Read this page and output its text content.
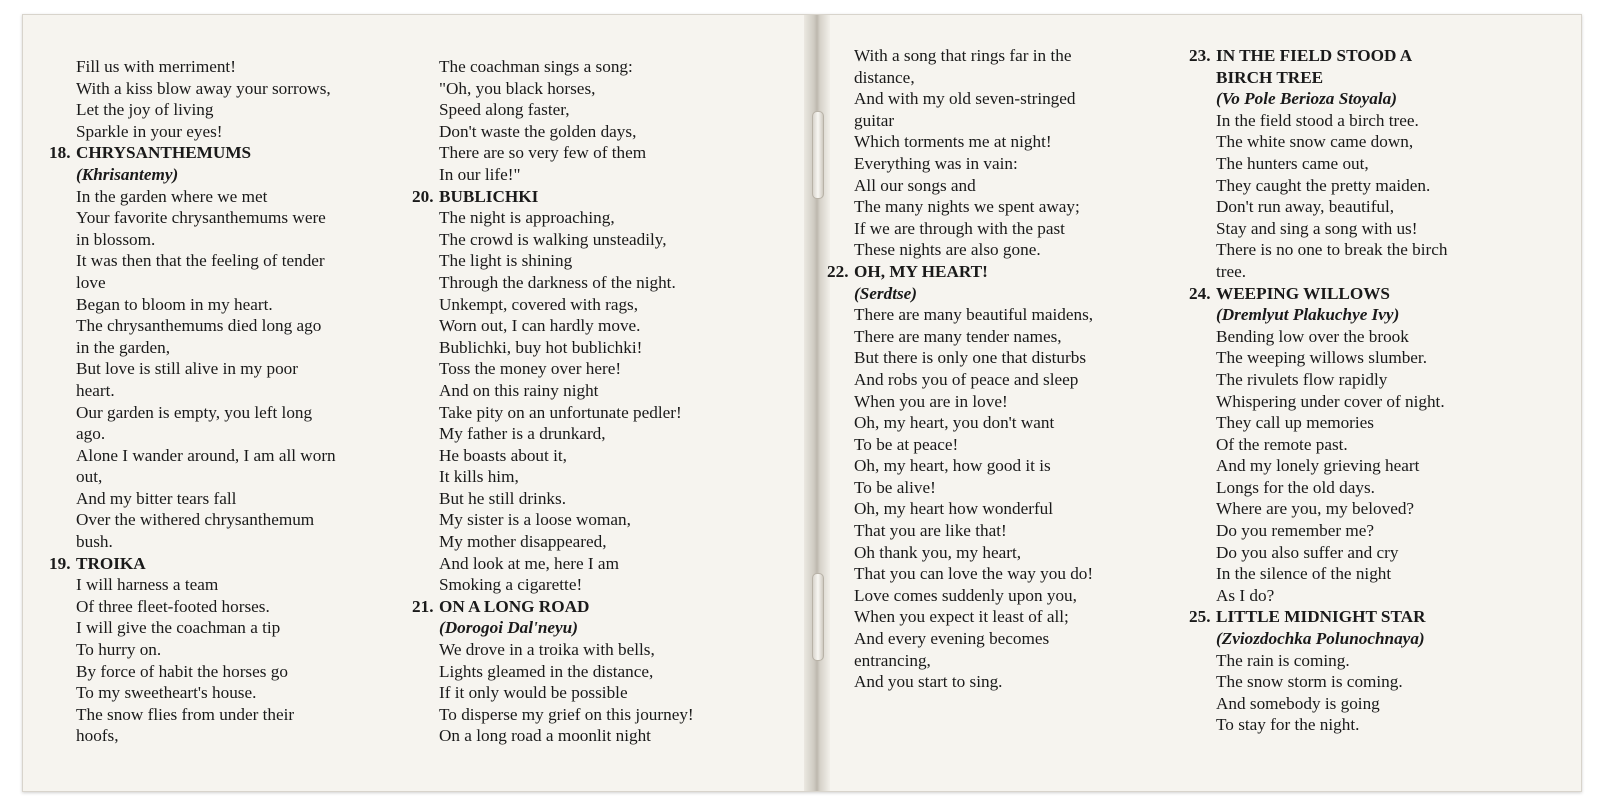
Fill us with merriment!
With a kiss blow away your sorrows,
Let the joy of living
Sparkle in your eyes!
18. CHRYSANTHEMUMS
(Khrisantemy)
In the garden where we met
Your favorite chrysanthemums were
in blossom.
It was then that the feeling of tender
love
Began to bloom in my heart.
The chrysanthemums died long ago
in the garden,
But love is still alive in my poor
heart.
Our garden is empty, you left long
ago.
Alone I wander around, I am all worn
out,
And my bitter tears fall
Over the withered chrysanthemum
bush.
19. TROIKA
I will harness a team
Of three fleet-footed horses.
I will give the coachman a tip
To hurry on.
By force of habit the horses go
To my sweetheart's house.
The snow flies from under their
hoofs,
The coachman sings a song:
"Oh, you black horses,
Speed along faster,
Don't waste the golden days,
There are so very few of them
In our life!"
20. BUBLICHKI
The night is approaching,
The crowd is walking unsteadily,
The light is shining
Through the darkness of the night.
Unkempt, covered with rags,
Worn out, I can hardly move.
Bublichki, buy hot bublichki!
Toss the money over here!
And on this rainy night
Take pity on an unfortunate pedler!
My father is a drunkard,
He boasts about it,
It kills him,
But he still drinks.
My sister is a loose woman,
My mother disappeared,
And look at me, here I am
Smoking a cigarette!
21. ON A LONG ROAD
(Dorogoi Dal'neyu)
We drove in a troika with bells,
Lights gleamed in the distance,
If it only would be possible
To disperse my grief on this journey!
On a long road a moonlit night
With a song that rings far in the
distance,
And with my old seven-stringed
guitar
Which torments me at night!
Everything was in vain:
All our songs and
The many nights we spent away;
If we are through with the past
These nights are also gone.
22. OH, MY HEART!
(Serdtse)
There are many beautiful maidens,
There are many tender names,
But there is only one that disturbs
And robs you of peace and sleep
When you are in love!
Oh, my heart, you don't want
To be at peace!
Oh, my heart, how good it is
To be alive!
Oh, my heart how wonderful
That you are like that!
Oh thank you, my heart,
That you can love the way you do!
Love comes suddenly upon you,
When you expect it least of all;
And every evening becomes
entrancing,
And you start to sing.
23. IN THE FIELD STOOD A
BIRCH TREE
(Vo Pole Berioza Stoyala)
In the field stood a birch tree.
The white snow came down,
The hunters came out,
They caught the pretty maiden.
Don't run away, beautiful,
Stay and sing a song with us!
There is no one to break the birch
tree.
24. WEEPING WILLOWS
(Dremlyut Plakuchye Ivy)
Bending low over the brook
The weeping willows slumber.
The rivulets flow rapidly
Whispering under cover of night.
They call up memories
Of the remote past.
And my lonely grieving heart
Longs for the old days.
Where are you, my beloved?
Do you remember me?
Do you also suffer and cry
In the silence of the night
As I do?
25. LITTLE MIDNIGHT STAR
(Zviozdochka Polunochnaya)
The rain is coming.
The snow storm is coming.
And somebody is going
To stay for the night.
